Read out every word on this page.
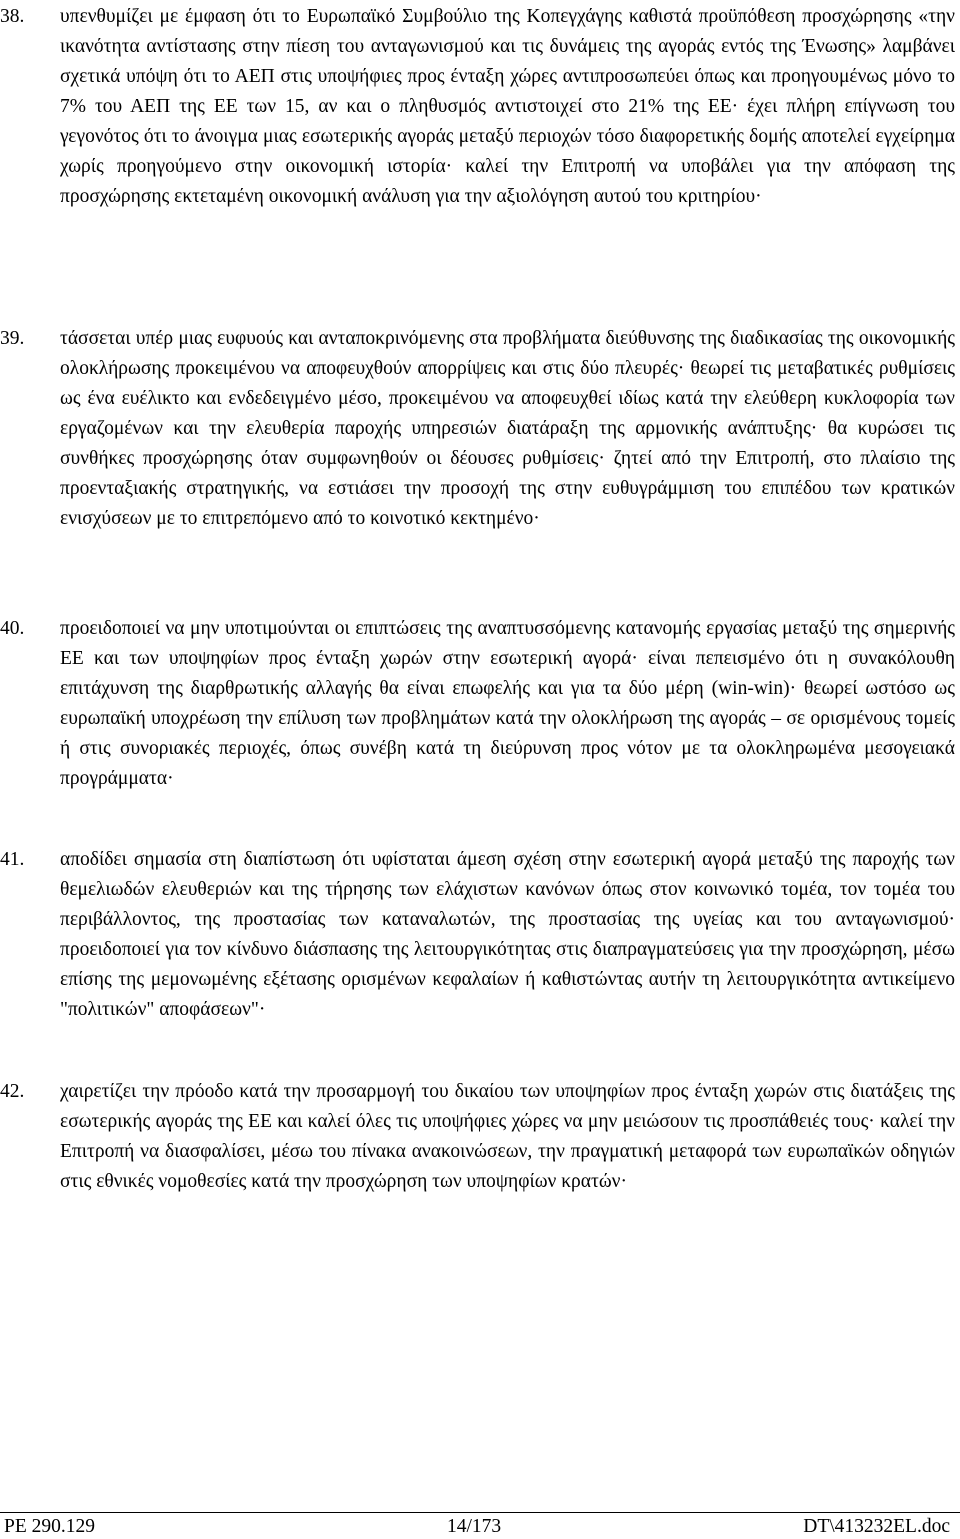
38. υπενθυμίζει με έμφαση ότι το Ευρωπαϊκό Συμβούλιο της Κοπεγχάγης καθιστά προϋπόθεση προσχώρησης «την ικανότητα αντίστασης στην πίεση του ανταγωνισμού και τις δυνάμεις της αγοράς εντός της Ένωσης» λαμβάνει σχετικά υπόψη ότι το ΑΕΠ στις υποψήφιες προς ένταξη χώρες αντιπροσωπεύει όπως και προηγουμένως μόνο το 7% του ΑΕΠ της ΕΕ των 15, αν και ο πληθυσμός αντιστοιχεί στο 21% της ΕΕ· έχει πλήρη επίγνωση του γεγονότος ότι το άνοιγμα μιας εσωτερικής αγοράς μεταξύ περιοχών τόσο διαφορετικής δομής αποτελεί εγχείρημα χωρίς προηγούμενο στην οικονομική ιστορία· καλεί την Επιτροπή να υποβάλει για την απόφαση της προσχώρησης εκτεταμένη οικονομική ανάλυση για την αξιολόγηση αυτού του κριτηρίου·
39. τάσσεται υπέρ μιας ευφυούς και ανταποκρινόμενης στα προβλήματα διεύθυνσης της διαδικασίας της οικονομικής ολοκλήρωσης προκειμένου να αποφευχθούν απορρίψεις και στις δύο πλευρές· θεωρεί τις μεταβατικές ρυθμίσεις ως ένα ευέλικτο και ενδεδειγμένο μέσο, προκειμένου να αποφευχθεί ιδίως κατά την ελεύθερη κυκλοφορία των εργαζομένων και την ελευθερία παροχής υπηρεσιών διατάραξη της αρμονικής ανάπτυξης· θα κυρώσει τις συνθήκες προσχώρησης όταν συμφωνηθούν οι δέουσες ρυθμίσεις· ζητεί από την Επιτροπή, στο πλαίσιο της προενταξιακής στρατηγικής, να εστιάσει την προσοχή της στην ευθυγράμμιση του επιπέδου των κρατικών ενισχύσεων με το επιτρεπόμενο από το κοινοτικό κεκτημένο·
40. προειδοποιεί να μην υποτιμούνται οι επιπτώσεις της αναπτυσσόμενης κατανομής εργασίας μεταξύ της σημερινής ΕΕ και των υποψηφίων προς ένταξη χωρών στην εσωτερική αγορά· είναι πεπεισμένο ότι η συνακόλουθη επιτάχυνση της διαρθρωτικής αλλαγής θα είναι επωφελής και για τα δύο μέρη (win-win)· θεωρεί ωστόσο ως ευρωπαϊκή υποχρέωση την επίλυση των προβλημάτων κατά την ολοκλήρωση της αγοράς – σε ορισμένους τομείς ή στις συνοριακές περιοχές, όπως συνέβη κατά τη διεύρυνση προς νότον με τα ολοκληρωμένα μεσογειακά προγράμματα·
41. αποδίδει σημασία στη διαπίστωση ότι υφίσταται άμεση σχέση στην εσωτερική αγορά μεταξύ της παροχής των θεμελιωδών ελευθεριών και της τήρησης των ελάχιστων κανόνων όπως στον κοινωνικό τομέα, τον τομέα του περιβάλλοντος, της προστασίας των καταναλωτών, της προστασίας της υγείας και του ανταγωνισμού· προειδοποιεί για τον κίνδυνο διάσπασης της λειτουργικότητας στις διαπραγματεύσεις για την προσχώρηση, μέσω επίσης της μεμονωμένης εξέτασης ορισμένων κεφαλαίων ή καθιστώντας αυτήν τη λειτουργικότητα αντικείμενο "πολιτικών" αποφάσεων"·
42. χαιρετίζει την πρόοδο κατά την προσαρμογή του δικαίου των υποψηφίων προς ένταξη χωρών στις διατάξεις της εσωτερικής αγοράς της ΕΕ και καλεί όλες τις υποψήφιες χώρες να μην μειώσουν τις προσπάθειές τους· καλεί την Επιτροπή να διασφαλίσει, μέσω του πίνακα ανακοινώσεων, την πραγματική μεταφορά των ευρωπαϊκών οδηγιών στις εθνικές νομοθεσίες κατά την προσχώρηση των υποψηφίων κρατών·
PE 290.129	14/173	DT\413232EL.doc
